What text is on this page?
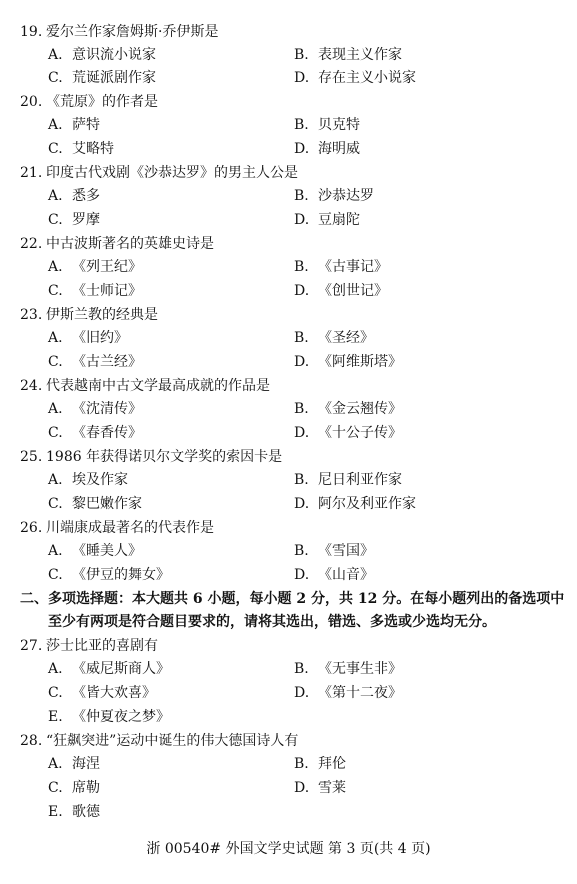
19. 爱尔兰作家詹姆斯·乔伊斯是
A. 意识流小说家	B. 表现主义作家
C. 荒诞派剧作家	D. 存在主义小说家
20. 《荒原》的作者是
A. 萨特	B. 贝克特
C. 艾略特	D. 海明威
21. 印度古代戏剧《沙恭达罗》的男主人公是
A. 悉多	B. 沙恭达罗
C. 罗摩	D. 豆扇陀
22. 中古波斯著名的英雄史诗是
A. 《列王纪》	B. 《古事记》
C. 《士师记》	D. 《创世记》
23. 伊斯兰教的经典是
A. 《旧约》	B. 《圣经》
C. 《古兰经》	D. 《阿维斯塔》
24. 代表越南中古文学最高成就的作品是
A. 《沈清传》	B. 《金云翘传》
C. 《春香传》	D. 《十公子传》
25. 1986 年获得诺贝尔文学奖的索因卡是
A. 埃及作家	B. 尼日利亚作家
C. 黎巴嫩作家	D. 阿尔及利亚作家
26. 川端康成最著名的代表作是
A. 《睡美人》	B. 《雪国》
C. 《伊豆的舞女》	D. 《山音》
二、多项选择题：本大题共 6 小题，每小题 2 分，共 12 分。在每小题列出的备选项中
至少有两项是符合题目要求的，请将其选出，错选、多选或少选均无分。
27. 莎士比亚的喜剧有
A. 《威尼斯商人》	B. 《无事生非》
C. 《皆大欢喜》	D. 《第十二夜》
E. 《仲夏夜之梦》
28. “狂飙突进”运动中诞生的伟大德国诗人有
A. 海涅	B. 拜伦
C. 席勒	D. 雪莱
E. 歌德
浙 00540# 外国文学史试题 第 3 页(共 4 页)
